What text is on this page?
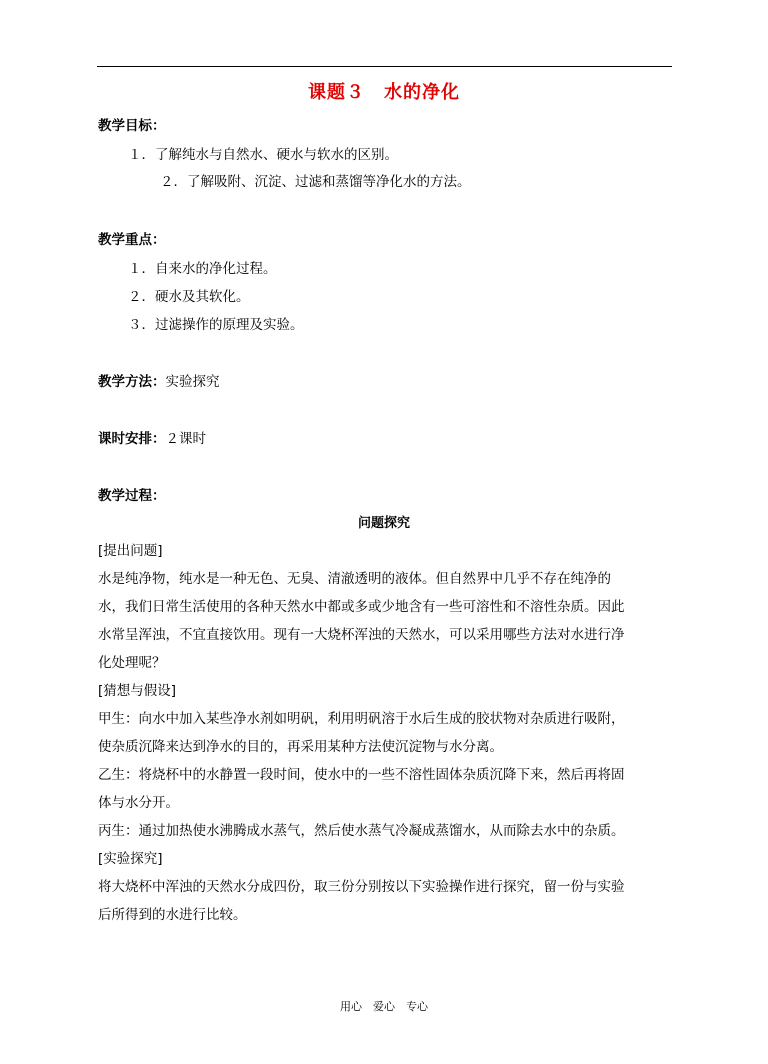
课题３　水的净化
教学目标：
１．了解纯水与自然水、硬水与软水的区别。
２．了解吸附、沉淀、过滤和蒸馏等净化水的方法。
教学重点：
１．自来水的净化过程。
２．硬水及其软化。
３．过滤操作的原理及实验。
教学方法：实验探究
课时安排：２课时
教学过程：
问题探究
[提出问题]
水是纯净物，纯水是一种无色、无臭、清澈透明的液体。但自然界中几乎不存在纯净的
水，我们日常生活使用的各种天然水中都或多或少地含有一些可溶性和不溶性杂质。因此
水常呈浑浊，不宜直接饮用。现有一大烧杯浑浊的天然水，可以采用哪些方法对水进行净
化处理呢？
[猜想与假设]
甲生：向水中加入某些净水剂如明矾，利用明矾溶于水后生成的胶状物对杂质进行吸附，
使杂质沉降来达到净水的目的，再采用某种方法使沉淀物与水分离。
乙生：将烧杯中的水静置一段时间，使水中的一些不溶性固体杂质沉降下来，然后再将固
体与水分开。
丙生：通过加热使水沸腾成水蒸气，然后使水蒸气冷凝成蒸馏水，从而除去水中的杂质。
[实验探究]
将大烧杯中浑浊的天然水分成四份，取三份分别按以下实验操作进行探究，留一份与实验
后所得到的水进行比较。
用心　爱心　专心
